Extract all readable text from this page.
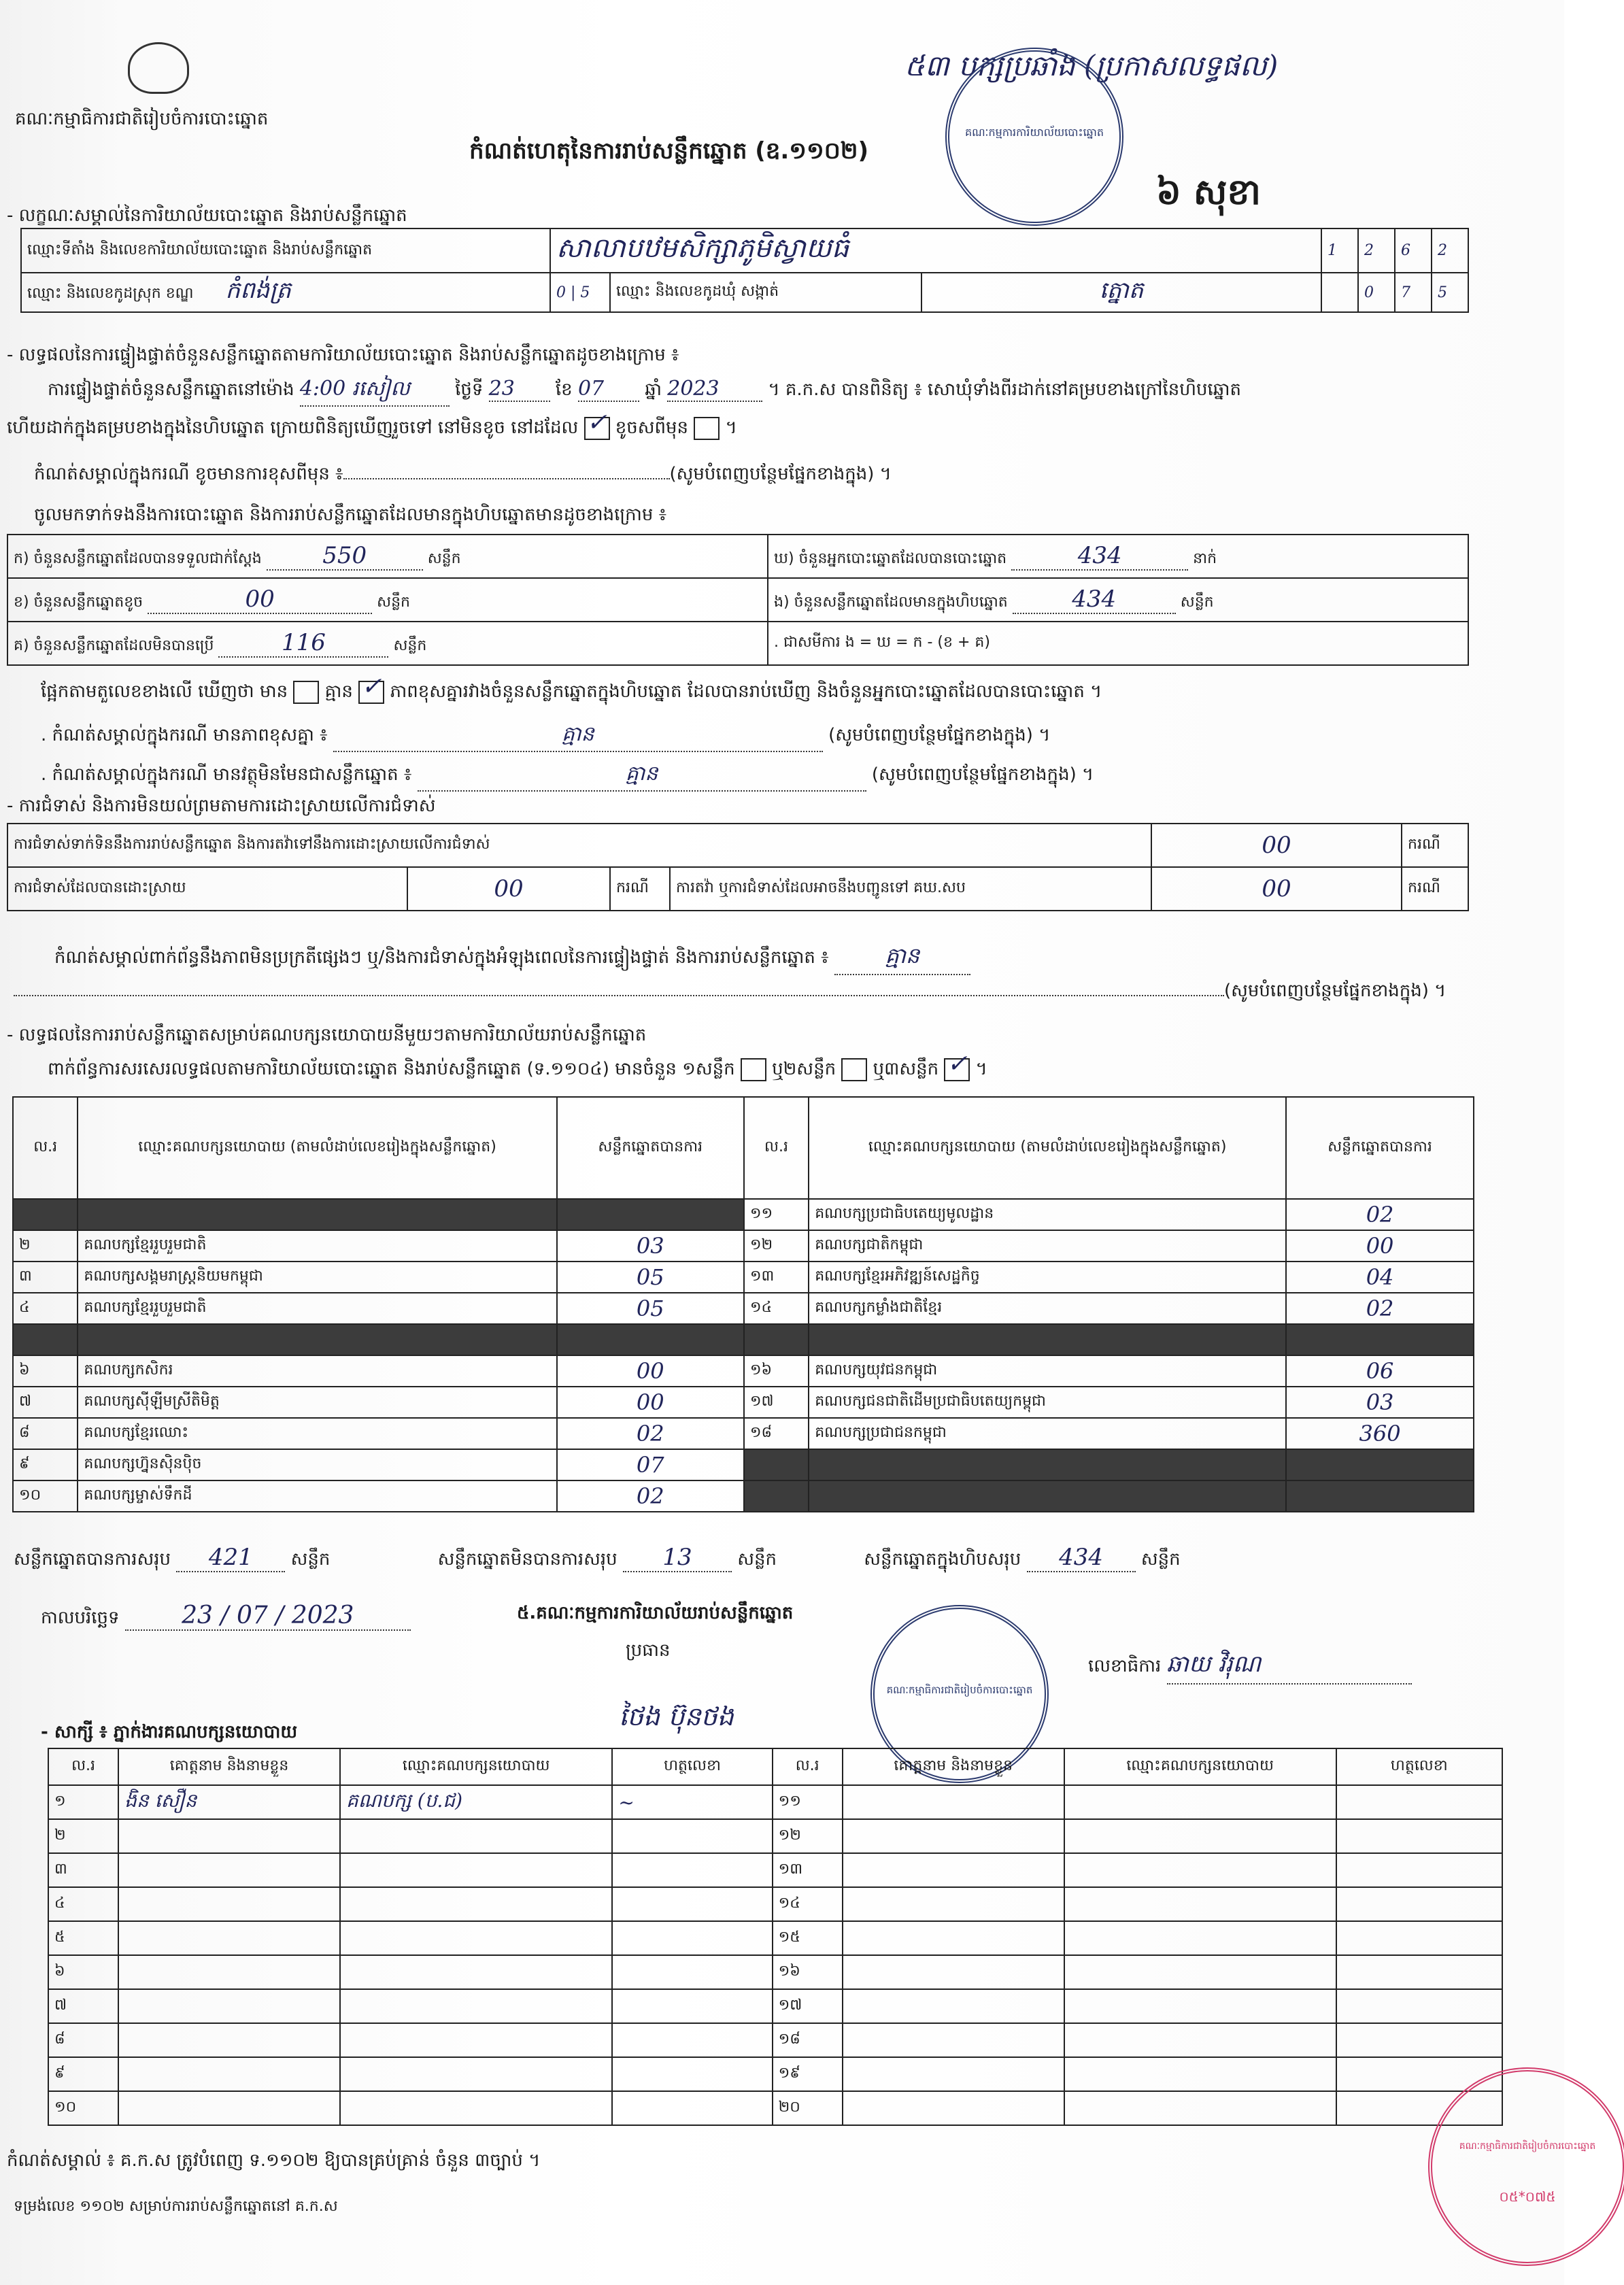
គណៈកម្មាធិការជាតិរៀបចំការបោះឆ្នោត
កំណត់ហេតុនៃការរាប់សន្លឹកឆ្នោត (ឧ.១១០២)
៥៣ បក្សប្រឆាំង (ប្រកាសលទ្ធផល)
៦ សុខា
គណៈកម្មការការិយាល័យបោះឆ្នោត
- លក្ខណៈសម្គាល់នៃការិយាល័យបោះឆ្នោត និងរាប់សន្លឹកឆ្នោត
ឈ្មោះទីតាំង និងលេខការិយាល័យបោះឆ្នោត និងរាប់សន្លឹកឆ្នោត	សាលាបឋមសិក្សាភូមិស្វាយធំ			1	2	6	2
ឈ្មោះ និងលេខកូដស្រុក ខណ្ឌ កំពង់ត្រ	0 | 5	ឈ្មោះ និងលេខកូដឃុំ សង្កាត់	ត្នោត		0	7	5
- លទ្ធផលនៃការផ្ទៀងផ្ទាត់ចំនួនសន្លឹកឆ្នោតតាមការិយាល័យបោះឆ្នោត និងរាប់សន្លឹកឆ្នោតដូចខាងក្រោម ៖
ការផ្ទៀងផ្ទាត់ចំនួនសន្លឹកឆ្នោតនៅម៉ោង 4:00 រសៀល ថ្ងៃទី 23 ខែ 07 ឆ្នាំ 2023	។ គ.ក.ស បានពិនិត្យ ៖ សោឃុំទាំងពីរដាក់នៅគម្របខាងក្រៅនៃហិបឆ្នោត
ហើយដាក់ក្នុងគម្របខាងក្នុងនៃហិបឆ្នោត ក្រោយពិនិត្យឃើញរួចទៅ នៅមិនខូច នៅដដែល ✓ ខូចសពីមុន  ។
កំណត់សម្គាល់ក្នុងករណី ខូចមានការខុសពីមុន ៖	(សូមបំពេញបន្ថែមផ្នែកខាងក្នុង) ។
ចូលមកទាក់ទងនឹងការបោះឆ្នោត និងការរាប់សន្លឹកឆ្នោតដែលមានក្នុងហិបឆ្នោតមានដូចខាងក្រោម ៖
ក) ចំនួនសន្លឹកឆ្នោតដែលបានទទួលជាក់ស្តែង 550 សន្លឹក	ឃ) ចំនួនអ្នកបោះឆ្នោតដែលបានបោះឆ្នោត 434 នាក់
ខ) ចំនួនសន្លឹកឆ្នោតខូច 00 សន្លឹក	ង) ចំនួនសន្លឹកឆ្នោតដែលមានក្នុងហិបឆ្នោត 434 សន្លឹក
គ) ចំនួនសន្លឹកឆ្នោតដែលមិនបានប្រើ 116 សន្លឹក	. ជាសមីការ ង = ឃ = ក - (ខ + គ)
ផ្អែកតាមតួលេខខាងលើ ឃើញថា មាន គ្មាន ✓ ភាពខុសគ្នារវាងចំនួនសន្លឹកឆ្នោតក្នុងហិបឆ្នោត ដែលបានរាប់ឃើញ និងចំនួនអ្នកបោះឆ្នោតដែលបានបោះឆ្នោត ។
. កំណត់សម្គាល់ក្នុងករណី មានភាពខុសគ្នា ៖	គ្មាន	(សូមបំពេញបន្ថែមផ្នែកខាងក្នុង) ។
. កំណត់សម្គាល់ក្នុងករណី មានវត្ថុមិនមែនជាសន្លឹកឆ្នោត ៖	គ្មាន	(សូមបំពេញបន្ថែមផ្នែកខាងក្នុង) ។
- ការជំទាស់ និងការមិនយល់ព្រមតាមការដោះស្រាយលើការជំទាស់
ការជំទាស់ទាក់ទិននឹងការរាប់សន្លឹកឆ្នោត និងការតវ៉ាទៅនឹងការដោះស្រាយលើការជំទាស់				00	ករណី
ការជំទាស់ដែលបានដោះស្រាយ	00	ករណី	ការតវ៉ា ឬការជំទាស់ដែលអាចនឹងបញ្ជូនទៅ គឃ.សប	00	ករណី
កំណត់សម្គាល់ពាក់ព័ន្ធនឹងភាពមិនប្រក្រតីផ្សេងៗ ឬ/និងការជំទាស់ក្នុងអំឡុងពេលនៃការផ្ទៀងផ្ទាត់ និងការរាប់សន្លឹកឆ្នោត ៖	គ្មាន
(សូមបំពេញបន្ថែមផ្នែកខាងក្នុង) ។
- លទ្ធផលនៃការរាប់សន្លឹកឆ្នោតសម្រាប់គណបក្សនយោបាយនីមួយៗតាមការិយាល័យរាប់សន្លឹកឆ្នោត
ពាក់ព័ន្ធការសរសេរលទ្ធផលតាមការិយាល័យបោះឆ្នោត និងរាប់សន្លឹកឆ្នោត (ទ.១១០៤) មានចំនួន ១សន្លឹក ឬ២សន្លឹក ឬ៣សន្លឹក ✓ ។
ល.រ	ឈ្មោះគណបក្សនយោបាយ (តាមលំដាប់លេខរៀងក្នុងសន្លឹកឆ្នោត)	សន្លឹកឆ្នោតបានការ	ល.រ	ឈ្មោះគណបក្សនយោបាយ (តាមលំដាប់លេខរៀងក្នុងសន្លឹកឆ្នោត)	សន្លឹកឆ្នោតបានការ
			១១	គណបក្សប្រជាធិបតេយ្យមូលដ្ឋាន	02
២	គណបក្សខ្មែររួបរួមជាតិ	03	១២	គណបក្សជាតិកម្ពុជា	00
៣	គណបក្សសង្គមរាស្ត្រនិយមកម្ពុជា	05	១៣	គណបក្សខ្មែរអភិវឌ្ឍន៍សេដ្ឋកិច្ច	04
៤	គណបក្សខ្មែររួបរួមជាតិ	05	១៤	គណបក្សកម្លាំងជាតិខ្មែរ	02

៦	គណបក្សកសិករ	00	១៦	គណបក្សយុវជនកម្ពុជា	06
៧	គណបក្សស៊ីឡីមស្រីតិមិត្ត	00	១៧	គណបក្សជនជាតិដើមប្រជាធិបតេយ្យកម្ពុជា	03
៨	គណបក្សខ្មែរឈោះ	02	១៨	គណបក្សប្រជាជនកម្ពុជា	360
៩	គណបក្សហ្វ៊ុនស៊ិនប៉ិច	07			
១០	គណបក្សម្ចាស់ទឹកដី	02			
សន្លឹកឆ្នោតបានការសរុប 421 សន្លឹក	សន្លឹកឆ្នោតមិនបានការសរុប 13	សន្លឹក	សន្លឹកឆ្នោតក្នុងហិបសរុប 434 សន្លឹក
កាលបរិច្ឆេទ	23 / 07 / 2023	៥.គណៈកម្មការការិយាល័យរាប់សន្លឹកឆ្នោត
ប្រធាន
ថៃង ប៊ុនថង
គណៈកម្មាធិការជាតិរៀបចំការបោះឆ្នោត
លេខាធិការ ឆាយ វិរុណ
- សាក្សី ៖ ភ្នាក់ងារគណបក្សនយោបាយ
ល.រ	គោត្តនាម និងនាមខ្លួន	ឈ្មោះគណបក្សនយោបាយ	ហត្ថលេខា	ល.រ	គោត្តនាម និងនាមខ្លួន	ឈ្មោះគណបក្សនយោបាយ	ហត្ថលេខា
១	ងិន សឿន	គណបក្ស (ប.ជ)	~	១១			
២				១២			
៣				១៣			
៤				១៤			
៥				១៥			
៦				១៦			
៧				១៧			
៨				១៨			
៩				១៩			
១០				២០			
កំណត់សម្គាល់ ៖ គ.ក.ស ត្រូវបំពេញ ទ.១១០២ ឱ្យបានគ្រប់គ្រាន់ ចំនួន ៣ច្បាប់ ។
ទម្រង់លេខ ១១០២ សម្រាប់ការរាប់សន្លឹកឆ្នោតនៅ គ.ក.ស
គណៈកម្មាធិការជាតិរៀបចំការបោះឆ្នោត
០៥*០៧៥
